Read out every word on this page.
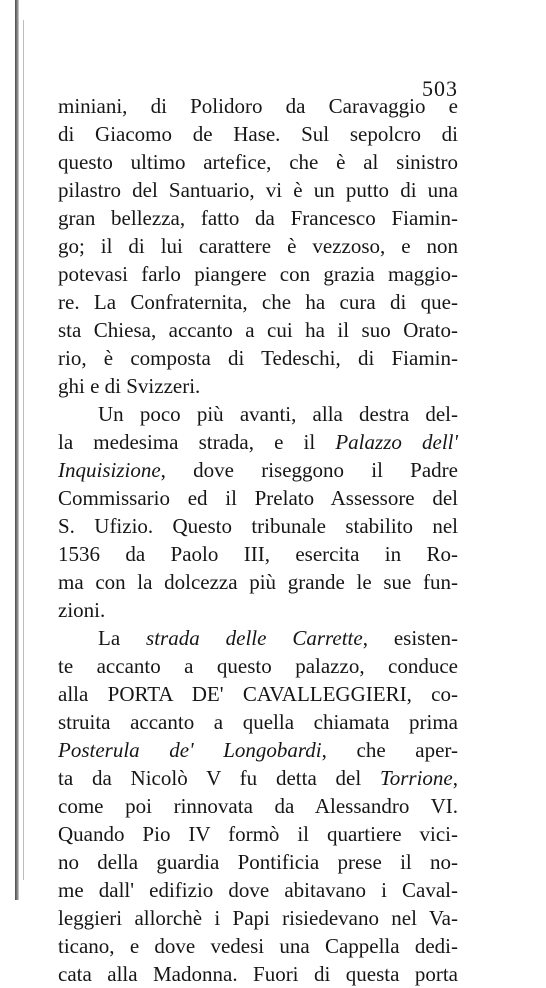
503
miniani, di Polidoro da Caravaggio e
di Giacomo de Hase. Sul sepolcro di
questo ultimo artefice, che è al sinistro
pilastro del Santuario, vi è un putto di una
gran bellezza, fatto da Francesco Fiamin-
go; il di lui carattere è vezzoso, e non
potevasi farlo piangere con grazia maggio-
re. La Confraternita, che ha cura di que-
sta Chiesa, accanto a cui ha il suo Orato-
rio, è composta di Tedeschi, di Fiamin-
ghi e di Svizzeri.
Un poco più avanti, alla destra del-
la medesima strada, e il Palazzo dell'
Inquisizione, dove riseggono il Padre
Commissario ed il Prelato Assessore del
S. Ufizio. Questo tribunale stabilito nel
1536 da Paolo III, esercita in Ro-
ma con la dolcezza più grande le sue fun-
zioni.
La strada delle Carrette, esisten-
te accanto a questo palazzo, conduce
alla PORTA DE' CAVALLEGGIERI, co-
struita accanto a quella chiamata prima
Posterula de' Longobardi, che aper-
ta da Nicolò V fu detta del Torrione,
come poi rinnovata da Alessandro VI.
Quando Pio IV formò il quartiere vici-
no della guardia Pontificia prese il no-
me dall' edifizio dove abitavano i Caval-
leggieri allorchè i Papi risiedevano nel Va-
ticano, e dove vedesi una Cappella dedi-
cata alla Madonna. Fuori di questa porta
